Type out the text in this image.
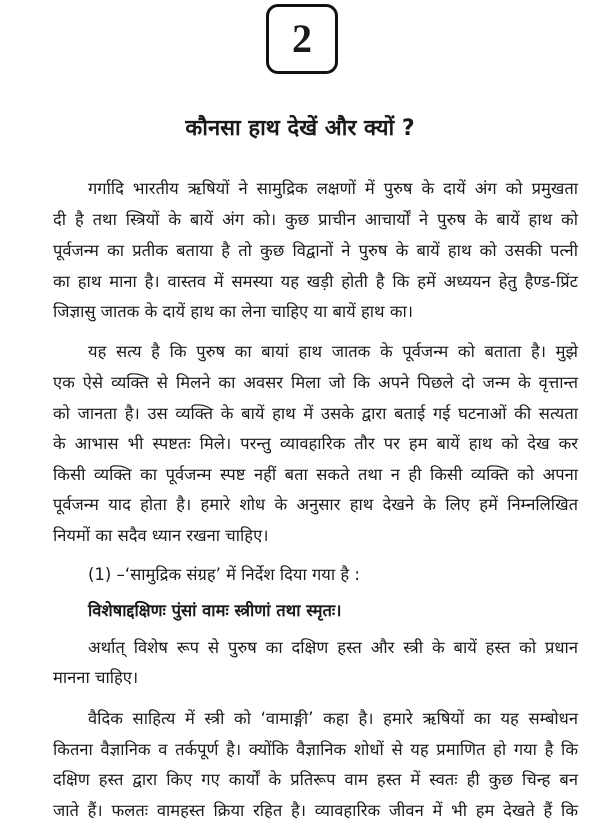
2
कौनसा हाथ देखें और क्यों ?
गर्गादि भारतीय ऋषियों ने सामुद्रिक लक्षणों में पुरुष के दायें अंग को प्रमुखता
दी है तथा स्त्रियों के बायें अंग को। कुछ प्राचीन आचार्यों ने पुरुष के बायें हाथ को
पूर्वजन्म का प्रतीक बताया है तो कुछ विद्वानों ने पुरुष के बायें हाथ को उसकी पत्नी
का हाथ माना है। वास्तव में समस्या यह खड़ी होती है कि हमें अध्ययन हेतु हैण्ड-प्रिंट
जिज्ञासु जातक के दायें हाथ का लेना चाहिए या बायें हाथ का।
यह सत्य है कि पुरुष का बायां हाथ जातक के पूर्वजन्म को बताता है। मुझे
एक ऐसे व्यक्ति से मिलने का अवसर मिला जो कि अपने पिछले दो जन्म के वृत्तान्त
को जानता है। उस व्यक्ति के बायें हाथ में उसके द्वारा बताई गई घटनाओं की सत्यता
के आभास भी स्पष्टतः मिले। परन्तु व्यावहारिक तौर पर हम बायें हाथ को देख कर
किसी व्यक्ति का पूर्वजन्म स्पष्ट नहीं बता सकते तथा न ही किसी व्यक्ति को अपना
पूर्वजन्म याद होता है। हमारे शोध के अनुसार हाथ देखने के लिए हमें निम्नलिखित
नियमों का सदैव ध्यान रखना चाहिए।
(1) –‘सामुद्रिक संग्रह’ में निर्देश दिया गया है :
विशेषाद्दक्षिणः पुंसां वामः स्त्रीणां तथा स्मृतः।
अर्थात् विशेष रूप से पुरुष का दक्षिण हस्त और स्त्री के बायें हस्त को प्रधान
मानना चाहिए।
वैदिक साहित्य में स्त्री को ‘वामाङ्गी’ कहा है। हमारे ऋषियों का यह सम्बोधन
कितना वैज्ञानिक व तर्कपूर्ण है। क्योंकि वैज्ञानिक शोधों से यह प्रमाणित हो गया है कि
दक्षिण हस्त द्वारा किए गए कार्यों के प्रतिरूप वाम हस्त में स्वतः ही कुछ चिन्ह बन
जाते हैं। फलतः वामहस्त क्रिया रहित है। व्यावहारिक जीवन में भी हम देखते हैं कि
